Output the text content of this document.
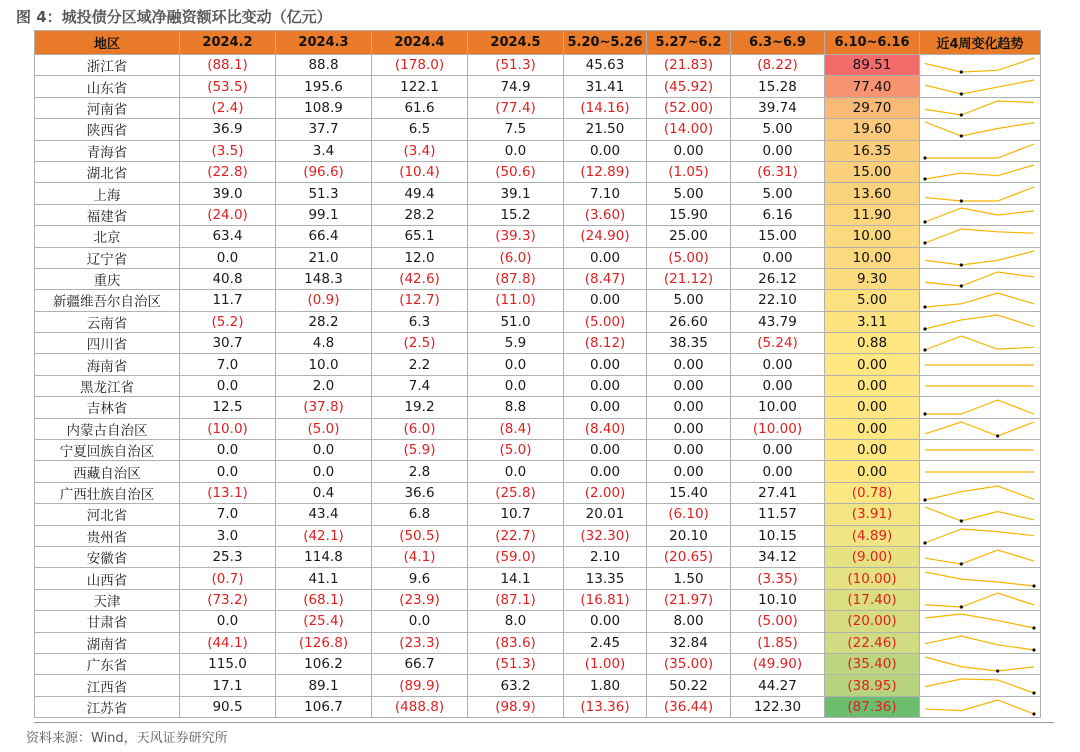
图 4：城投债分区域净融资额环比变动（亿元）
地区	2024.2	2024.3	2024.4	2024.5	5.20~5.26	5.27~6.2	6.3~6.9	6.10~6.16	近4周变化趋势
浙江省	(88.1)	88.8	(178.0)	(51.3)	45.63	(21.83)	(8.22)	89.51	

山东省	(53.5)	195.6	122.1	74.9	31.41	(45.92)	15.28	77.40	

河南省	(2.4)	108.9	61.6	(77.4)	(14.16)	(52.00)	39.74	29.70	

陕西省	36.9	37.7	6.5	7.5	21.50	(14.00)	5.00	19.60	

青海省	(3.5)	3.4	(3.4)	0.0	0.00	0.00	0.00	16.35	

湖北省	(22.8)	(96.6)	(10.4)	(50.6)	(12.89)	(1.05)	(6.31)	15.00	

上海	39.0	51.3	49.4	39.1	7.10	5.00	5.00	13.60	

福建省	(24.0)	99.1	28.2	15.2	(3.60)	15.90	6.16	11.90	

北京	63.4	66.4	65.1	(39.3)	(24.90)	25.00	15.00	10.00	

辽宁省	0.0	21.0	12.0	(6.0)	0.00	(5.00)	0.00	10.00	

重庆	40.8	148.3	(42.6)	(87.8)	(8.47)	(21.12)	26.12	9.30	

新疆维吾尔自治区	11.7	(0.9)	(12.7)	(11.0)	0.00	5.00	22.10	5.00	

云南省	(5.2)	28.2	6.3	51.0	(5.00)	26.60	43.79	3.11	

四川省	30.7	4.8	(2.5)	5.9	(8.12)	38.35	(5.24)	0.88	

海南省	7.0	10.0	2.2	0.0	0.00	0.00	0.00	0.00	

黑龙江省	0.0	2.0	7.4	0.0	0.00	0.00	0.00	0.00	

吉林省	12.5	(37.8)	19.2	8.8	0.00	0.00	10.00	0.00	

内蒙古自治区	(10.0)	(5.0)	(6.0)	(8.4)	(8.40)	0.00	(10.00)	0.00	

宁夏回族自治区	0.0	0.0	(5.9)	(5.0)	0.00	0.00	0.00	0.00	

西藏自治区	0.0	0.0	2.8	0.0	0.00	0.00	0.00	0.00	

广西壮族自治区	(13.1)	0.4	36.6	(25.8)	(2.00)	15.40	27.41	(0.78)	

河北省	7.0	43.4	6.8	10.7	20.01	(6.10)	11.57	(3.91)	

贵州省	3.0	(42.1)	(50.5)	(22.7)	(32.30)	20.10	10.15	(4.89)	

安徽省	25.3	114.8	(4.1)	(59.0)	2.10	(20.65)	34.12	(9.00)	

山西省	(0.7)	41.1	9.6	14.1	13.35	1.50	(3.35)	(10.00)	

天津	(73.2)	(68.1)	(23.9)	(87.1)	(16.81)	(21.97)	10.10	(17.40)	

甘肃省	0.0	(25.4)	0.0	8.0	0.00	8.00	(5.00)	(20.00)	

湖南省	(44.1)	(126.8)	(23.3)	(83.6)	2.45	32.84	(1.85)	(22.46)	

广东省	115.0	106.2	66.7	(51.3)	(1.00)	(35.00)	(49.90)	(35.40)	

江西省	17.1	89.1	(89.9)	63.2	1.80	50.22	44.27	(38.95)	

江苏省	90.5	106.7	(488.8)	(98.9)	(13.36)	(36.44)	122.30	(87.36)	
资料来源：Wind，天风证券研究所
